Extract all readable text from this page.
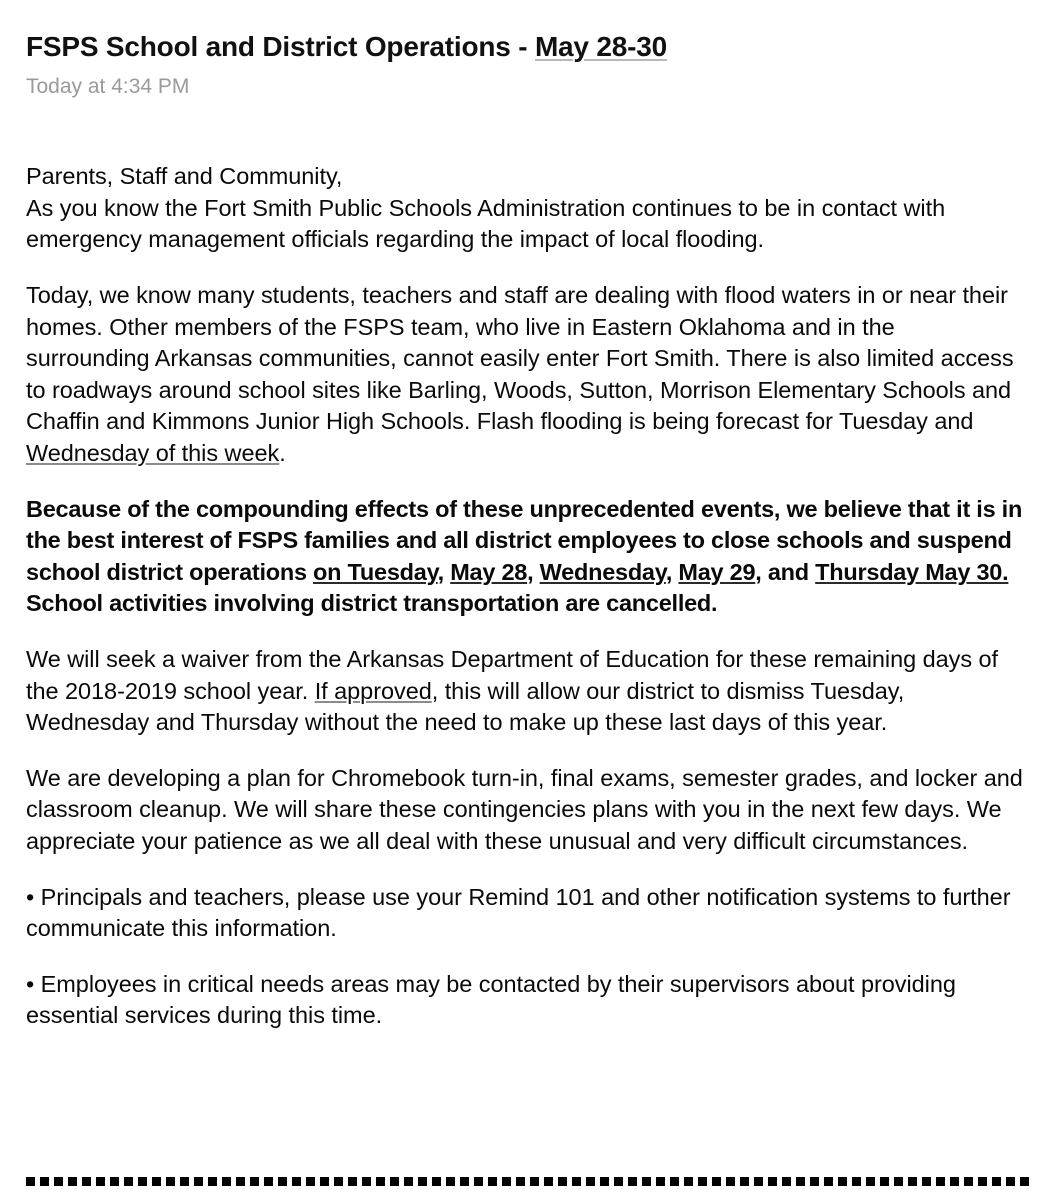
FSPS School and District Operations - May 28-30
Today at 4:34 PM

Parents, Staff and Community,
As you know the Fort Smith Public Schools Administration continues to be in contact with emergency management officials regarding the impact of local flooding.

Today, we know many students, teachers and staff are dealing with flood waters in or near their homes. Other members of the FSPS team, who live in Eastern Oklahoma and in the surrounding Arkansas communities, cannot easily enter Fort Smith. There is also limited access to roadways around school sites like Barling, Woods, Sutton, Morrison Elementary Schools and Chaffin and Kimmons Junior High Schools. Flash flooding is being forecast for Tuesday and Wednesday of this week.

Because of the compounding effects of these unprecedented events, we believe that it is in the best interest of FSPS families and all district employees to close schools and suspend school district operations on Tuesday, May 28, Wednesday, May 29, and Thursday May 30. School activities involving district transportation are cancelled.

We will seek a waiver from the Arkansas Department of Education for these remaining days of the 2018-2019 school year. If approved, this will allow our district to dismiss Tuesday, Wednesday and Thursday without the need to make up these last days of this year.

We are developing a plan for Chromebook turn-in, final exams, semester grades, and locker and classroom cleanup. We will share these contingencies plans with you in the next few days. We appreciate your patience as we all deal with these unusual and very difficult circumstances.

• Principals and teachers, please use your Remind 101 and other notification systems to further communicate this information.

• Employees in critical needs areas may be contacted by their supervisors about providing essential services during this time.
